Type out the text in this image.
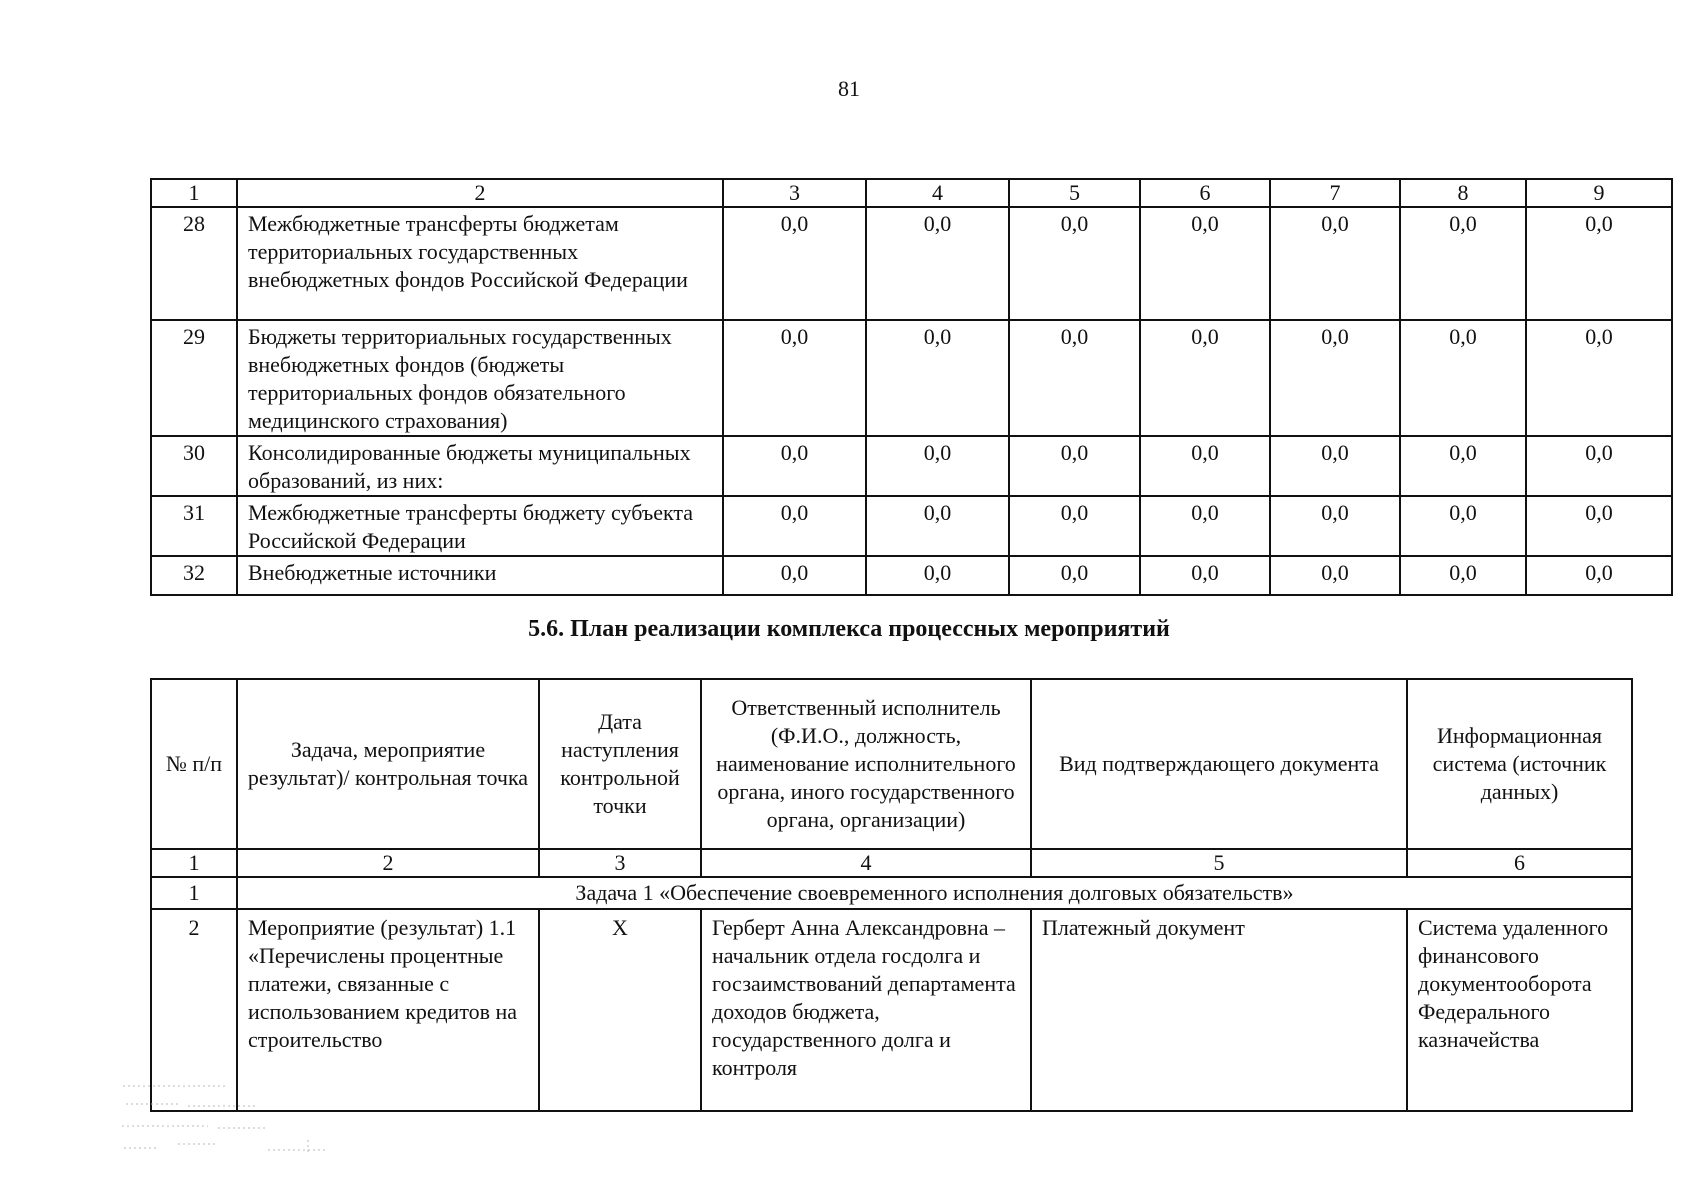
81
1	2	3	4	5	6	7	8	9
28	Межбюджетные трансферты бюджетам территориальных государственных внебюджетных фондов Российской Федерации	0,0	0,0	0,0	0,0	0,0	0,0	0,0
29	Бюджеты территориальных государственных внебюджетных фондов (бюджеты территориальных фондов обязательного медицинского страхования)	0,0	0,0	0,0	0,0	0,0	0,0	0,0
30	Консолидированные бюджеты муниципальных образований, из них:	0,0	0,0	0,0	0,0	0,0	0,0	0,0
31	Межбюджетные трансферты бюджету субъекта Российской Федерации	0,0	0,0	0,0	0,0	0,0	0,0	0,0
32	Внебюджетные источники	0,0	0,0	0,0	0,0	0,0	0,0	0,0
5.6. План реализации комплекса процессных мероприятий
№ п/п	Задача, мероприятие результат)/ контрольная точка	Дата наступления контрольной точки	Ответственный исполнитель (Ф.И.О., должность, наименование исполнительного органа, иного государственного органа, организации)	Вид подтверждающего документа	Информационная система (источник данных)
1	2	3	4	5	6
1	Задача 1 «Обеспечение своевременного исполнения долговых обязательств»				
2	Мероприятие (результат) 1.1 «Перечислены процентные платежи, связанные с использованием кредитов на строительство	X	Герберт Анна Александровна – начальник отдела госдолга и госзаимствований департамента доходов бюджета, государственного долга и контроля	Платежный документ	Система удаленного финансового документооборота Федерального казначейства
